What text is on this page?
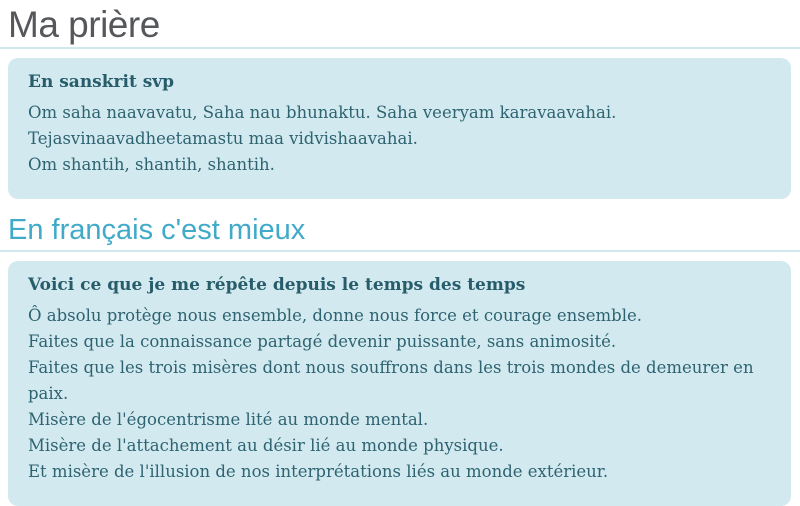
Ma prière

En sanskrit svp

Om saha naavavatu, Saha nau bhunaktu. Saha veeryam karavaavahai. Tejasvinaavadheetamastu maa vidvishaavahai.

Om shantih, shantih, shantih.

En français c'est mieux

Voici ce que je me répête depuis le temps des temps

Ô absolu protège nous ensemble, donne nous force et courage ensemble.

Faites que la connaissance partagé devenir puissante, sans animosité.

Faites que les trois misères dont nous souffrons dans les trois mondes de demeurer en paix.

Misère de l'égocentrisme lité au monde mental.

Misère de l'attachement au désir lié au monde physique.

Et misère de l'illusion de nos interprétations liés au monde extérieur.
